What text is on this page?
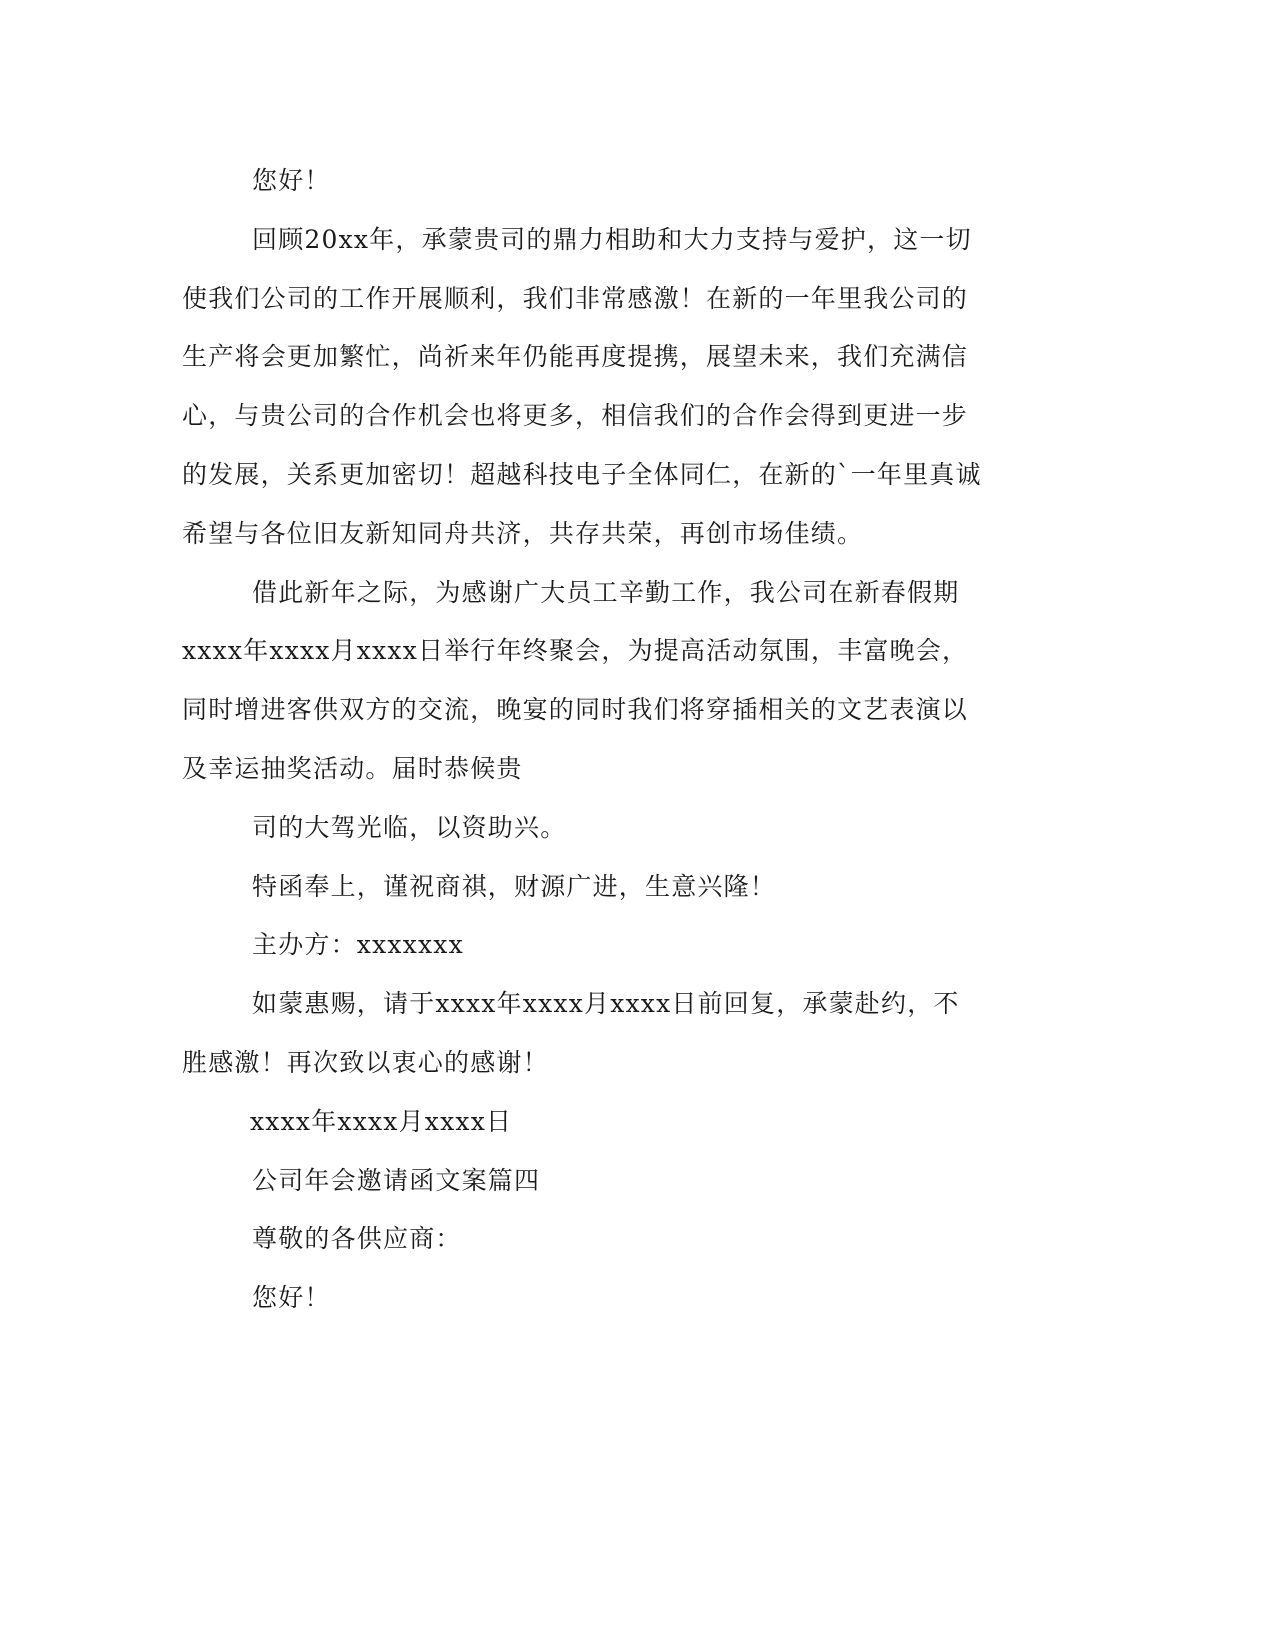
您好！
回顾20xx年，承蒙贵司的鼎力相助和大力支持与爱护，这一切
使我们公司的工作开展顺利，我们非常感激！在新的一年里我公司的
生产将会更加繁忙，尚祈来年仍能再度提携，展望未来，我们充满信
心，与贵公司的合作机会也将更多，相信我们的合作会得到更进一步
的发展，关系更加密切！超越科技电子全体同仁，在新的`一年里真诚
希望与各位旧友新知同舟共济，共存共荣，再创市场佳绩。
借此新年之际，为感谢广大员工辛勤工作，我公司在新春假期
xxxx年xxxx月xxxx日举行年终聚会，为提高活动氛围，丰富晚会，
同时增进客供双方的交流，晚宴的同时我们将穿插相关的文艺表演以
及幸运抽奖活动。届时恭候贵
司的大驾光临，以资助兴。
特函奉上，谨祝商祺，财源广进，生意兴隆！
主办方：xxxxxxx
如蒙惠赐，请于xxxx年xxxx月xxxx日前回复，承蒙赴约，不
胜感激！再次致以衷心的感谢！
xxxx年xxxx月xxxx日
公司年会邀请函文案篇四
尊敬的各供应商：
您好！
